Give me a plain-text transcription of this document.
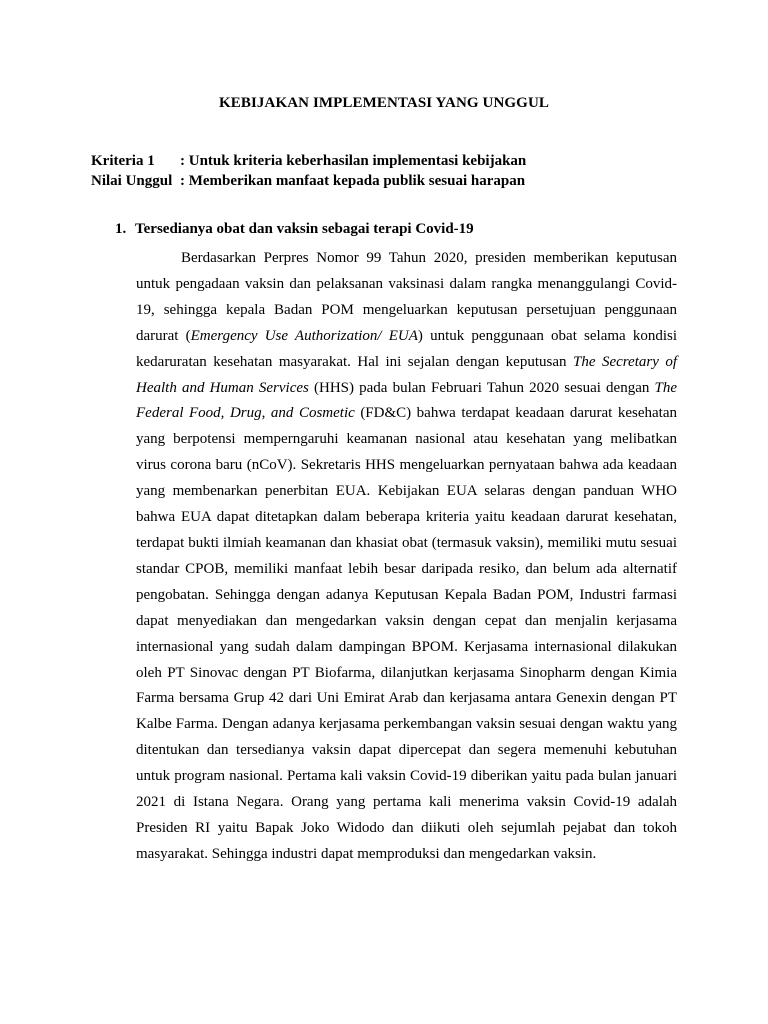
KEBIJAKAN IMPLEMENTASI YANG UNGGUL
Kriteria 1	: Untuk kriteria keberhasilan implementasi kebijakan
Nilai Unggul : Memberikan manfaat kepada publik sesuai harapan
1. Tersedianya obat dan vaksin sebagai terapi Covid-19

Berdasarkan Perpres Nomor 99 Tahun 2020, presiden memberikan keputusan untuk pengadaan vaksin dan pelaksanan vaksinasi dalam rangka menanggulangi Covid-19, sehingga kepala Badan POM mengeluarkan keputusan persetujuan penggunaan darurat (Emergency Use Authorization/ EUA) untuk penggunaan obat selama kondisi kedaruratan kesehatan masyarakat. Hal ini sejalan dengan keputusan The Secretary of Health and Human Services (HHS) pada bulan Februari Tahun 2020 sesuai dengan The Federal Food, Drug, and Cosmetic (FD&C) bahwa terdapat keadaan darurat kesehatan yang berpotensi memperngaruhi keamanan nasional atau kesehatan yang melibatkan virus corona baru (nCoV). Sekretaris HHS mengeluarkan pernyataan bahwa ada keadaan yang membenarkan penerbitan EUA. Kebijakan EUA selaras dengan panduan WHO bahwa EUA dapat ditetapkan dalam beberapa kriteria yaitu keadaan darurat kesehatan, terdapat bukti ilmiah keamanan dan khasiat obat (termasuk vaksin), memiliki mutu sesuai standar CPOB, memiliki manfaat lebih besar daripada resiko, dan belum ada alternatif pengobatan. Sehingga dengan adanya Keputusan Kepala Badan POM, Industri farmasi dapat menyediakan dan mengedarkan vaksin dengan cepat dan menjalin kerjasama internasional yang sudah dalam dampingan BPOM. Kerjasama internasional dilakukan oleh PT Sinovac dengan PT Biofarma, dilanjutkan kerjasama Sinopharm dengan Kimia Farma bersama Grup 42 dari Uni Emirat Arab dan kerjasama antara Genexin dengan PT Kalbe Farma. Dengan adanya kerjasama perkembangan vaksin sesuai dengan waktu yang ditentukan dan tersedianya vaksin dapat dipercepat dan segera memenuhi kebutuhan untuk program nasional. Pertama kali vaksin Covid-19 diberikan yaitu pada bulan januari 2021 di Istana Negara. Orang yang pertama kali menerima vaksin Covid-19 adalah Presiden RI yaitu Bapak Joko Widodo dan diikuti oleh sejumlah pejabat dan tokoh masyarakat. Sehingga industri dapat memproduksi dan mengedarkan vaksin.
